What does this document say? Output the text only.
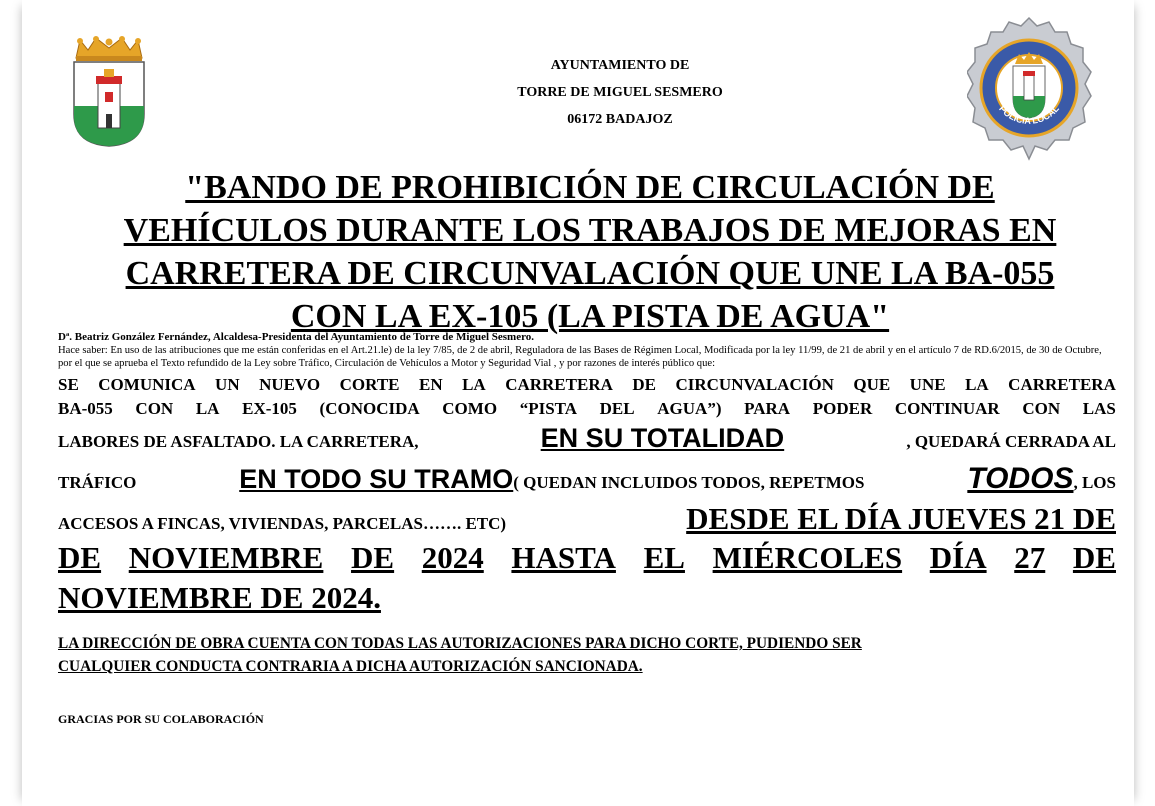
AYUNTAMIENTO DE
TORRE DE MIGUEL SESMERO
06172 BADAJOZ
POLICIA LOCAL
"BANDO DE PROHIBICIÓN DE CIRCULACIÓN DE
VEHÍCULOS DURANTE LOS TRABAJOS DE MEJORAS EN
CARRETERA DE CIRCUNVALACIÓN QUE UNE LA BA-055
CON LA EX-105 (LA PISTA DE AGUA"
Dª. Beatriz González Fernández, Alcaldesa-Presidenta del Ayuntamiento de Torre de Miguel Sesmero.
Hace saber: En uso de las atribuciones que me están conferidas en el Art.21.le) de la ley 7/85, de 2 de abril, Reguladora de las Bases de Régimen Local, Modificada por la ley 11/99, de 21 de abril y en el artículo 7 de RD.6/2015, de 30 de Octubre, por el que se aprueba el Texto refundido de la Ley sobre Tráfico, Circulación de Vehículos a Motor y Seguridad Vial , y por razones de interés público que:
SE COMUNICA UN NUEVO CORTE EN LA CARRETERA DE CIRCUNVALACIÓN QUE UNE LA CARRETERA
BA-055 CON LA EX-105 (CONOCIDA COMO “PISTA DEL AGUA”) PARA PODER CONTINUAR CON LAS
LABORES DE ASFALTADO. LA CARRETERA,	EN SU TOTALIDAD	, QUEDARÁ CERRADA AL
TRÁFICO	EN TODO SU TRAMO( QUEDAN INCLUIDOS TODOS, REPETMOS	TODOS, LOS
ACCESOS A FINCAS, VIVIENDAS, PARCELAS……. ETC)	DESDE EL DÍA JUEVES 21 DE
DE NOVIEMBRE DE 2024 HASTA EL MIÉRCOLES DÍA 27 DE
NOVIEMBRE DE 2024.
LA DIRECCIÓN DE OBRA CUENTA CON TODAS LAS AUTORIZACIONES PARA DICHO CORTE, PUDIENDO SER
CUALQUIER CONDUCTA CONTRARIA A DICHA AUTORIZACIÓN SANCIONADA.
GRACIAS POR SU COLABORACIÓN
